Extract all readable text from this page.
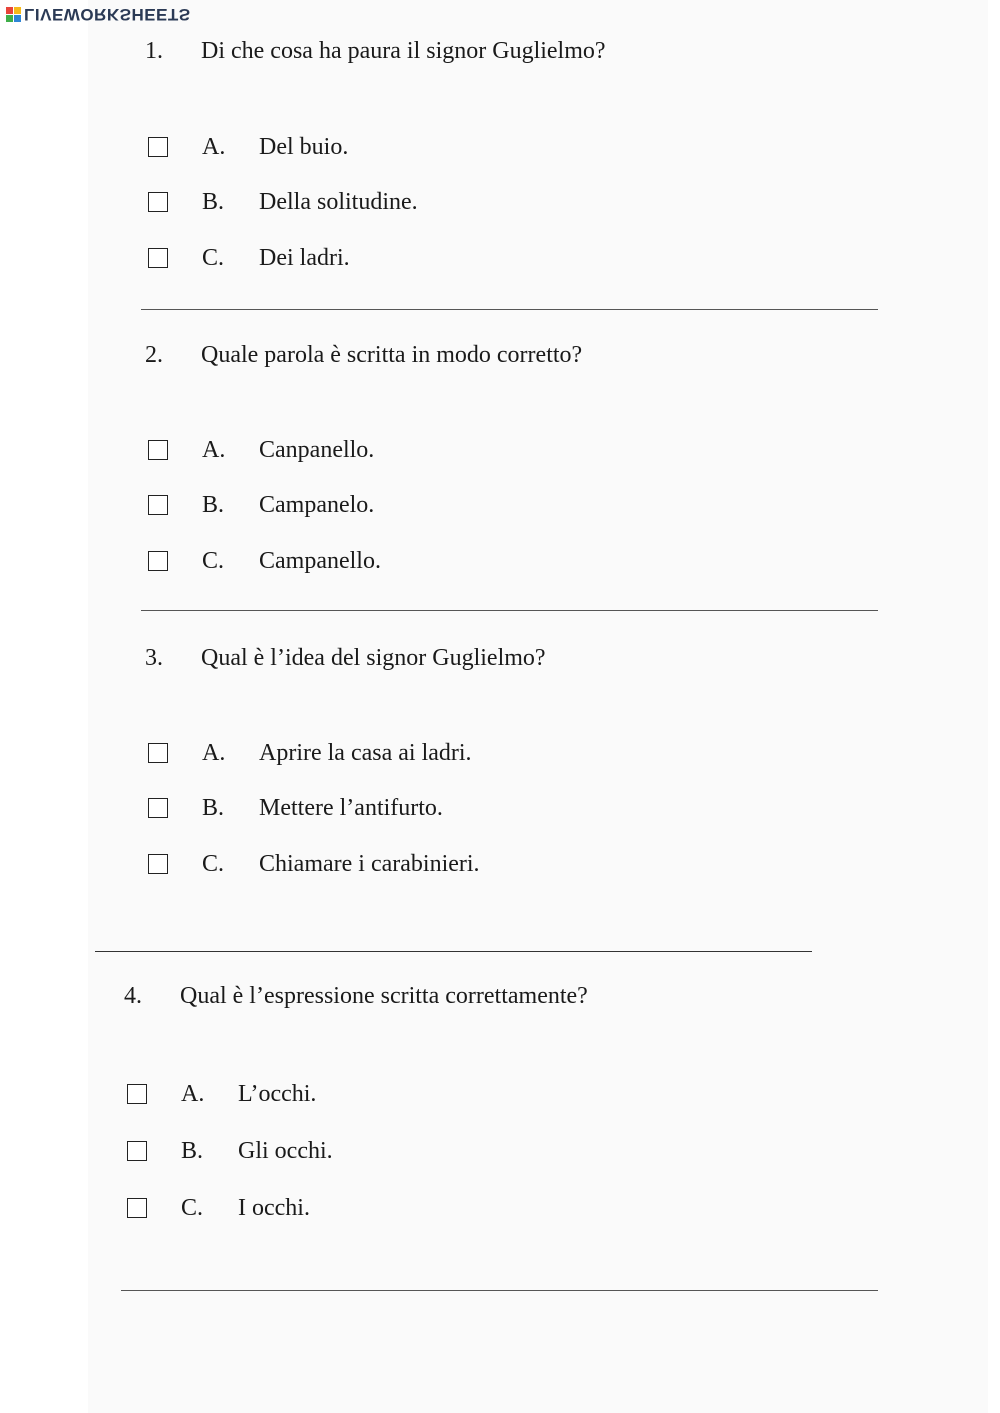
LIVEWORKSHEETS
1.	Di che cosa ha paura il signor Guglielmo?
A.	Del buio.
B.	Della solitudine.
C.	Dei ladri.
2.	Quale parola è scritta in modo corretto?
A.	Canpanello.
B.	Campanelo.
C.	Campanello.
3.	Qual è l’idea del signor Guglielmo?
A.	Aprire la casa ai ladri.
B.	Mettere l’antifurto.
C.	Chiamare i carabinieri.
4.	Qual è l’espressione scritta correttamente?
A.	L’occhi.
B.	Gli occhi.
C.	I occhi.
